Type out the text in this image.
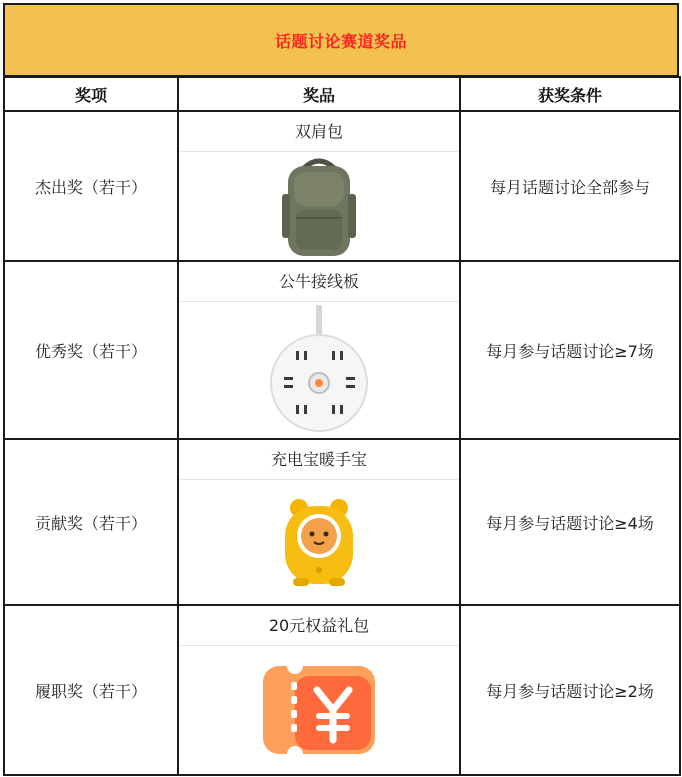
话题讨论赛道奖品
奖项	奖品	获奖条件
杰出奖（若干）	双肩包	每月话题讨论全部参与
优秀奖（若干）	公牛接线板	每月参与话题讨论≥7场
贡献奖（若干）	充电宝暖手宝	每月参与话题讨论≥4场
履职奖（若干）	20元权益礼包	每月参与话题讨论≥2场
